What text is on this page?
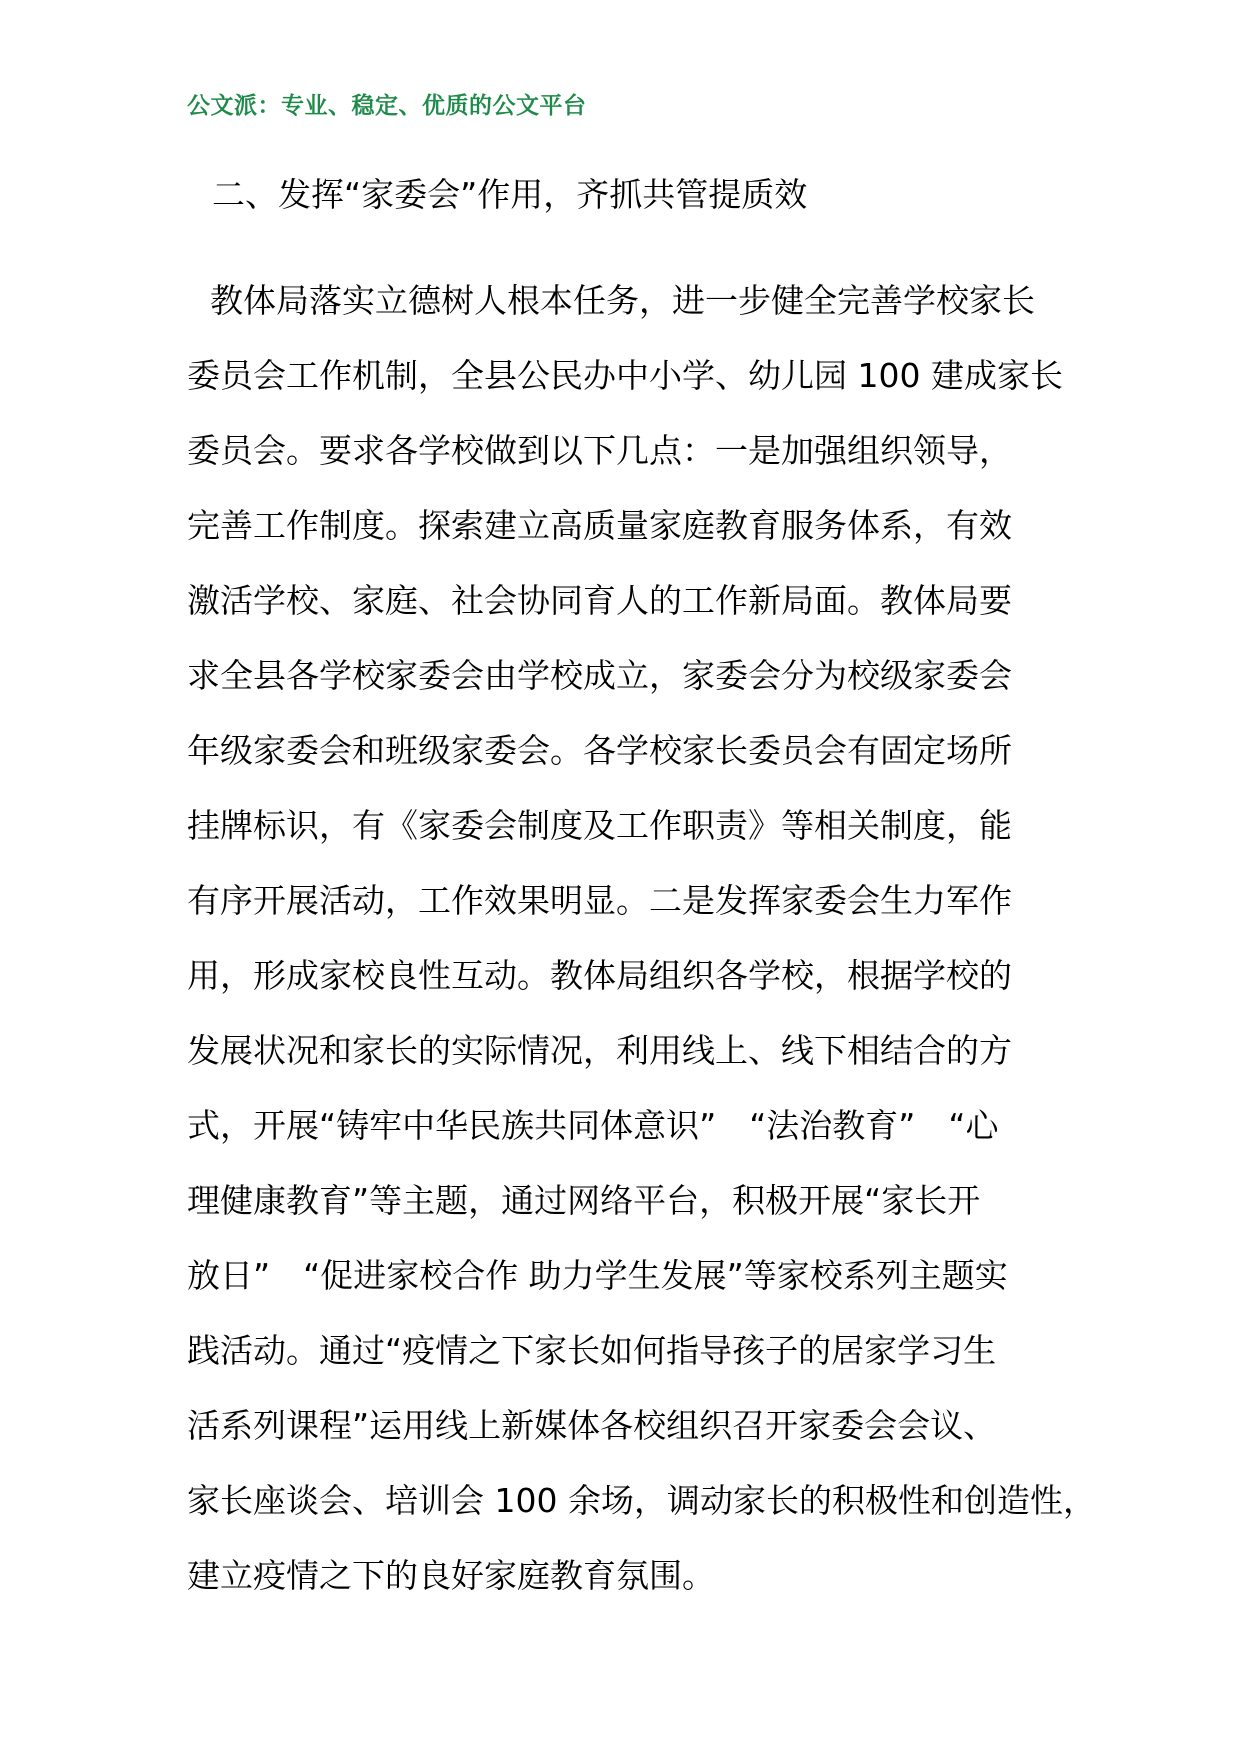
公文派：专业、稳定、优质的公文平台
二、发挥“家委会”作用，齐抓共管提质效
教体局落实立德树人根本任务，进一步健全完善学校家长
委员会工作机制，全县公民办中小学、幼儿园 100 建成家长
委员会。要求各学校做到以下几点：一是加强组织领导，
完善工作制度。探索建立高质量家庭教育服务体系，有效
激活学校、家庭、社会协同育人的工作新局面。教体局要
求全县各学校家委会由学校成立，家委会分为校级家委会
年级家委会和班级家委会。各学校家长委员会有固定场所
挂牌标识，有《家委会制度及工作职责》等相关制度，能
有序开展活动，工作效果明显。二是发挥家委会生力军作
用，形成家校良性互动。教体局组织各学校，根据学校的
发展状况和家长的实际情况，利用线上、线下相结合的方
式，开展“铸牢中华民族共同体意识”　“法治教育”　“心
理健康教育”等主题，通过网络平台，积极开展“家长开
放日”　“促进家校合作 助力学生发展”等家校系列主题实
践活动。通过“疫情之下家长如何指导孩子的居家学习生
活系列课程”运用线上新媒体各校组织召开家委会会议、
家长座谈会、培训会 100 余场，调动家长的积极性和创造性，
建立疫情之下的良好家庭教育氛围。
